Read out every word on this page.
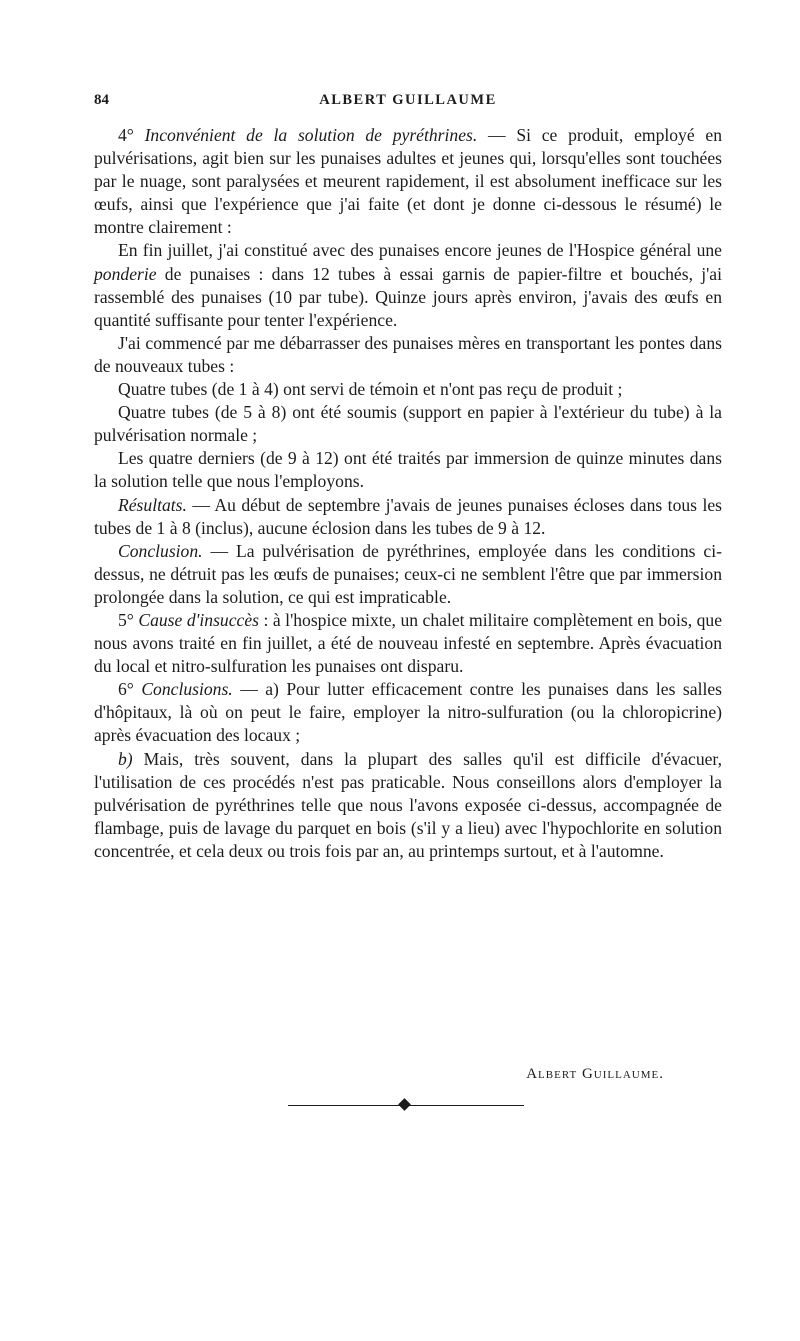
84	ALBERT GUILLAUME

4° Inconvénient de la solution de pyréthrines. — Si ce produit, employé en pulvérisations, agit bien sur les punaises adultes et jeunes qui, lorsqu'elles sont touchées par le nuage, sont paralysées et meurent rapidement, il est absolument inefficace sur les œufs, ainsi que l'expérience que j'ai faite (et dont je donne ci-dessous le résumé) le montre clairement :

En fin juillet, j'ai constitué avec des punaises encore jeunes de l'Hospice général une ponderie de punaises : dans 12 tubes à essai garnis de papier-filtre et bouchés, j'ai rassemblé des punaises (10 par tube). Quinze jours après environ, j'avais des œufs en quantité suffisante pour tenter l'expérience.

J'ai commencé par me débarrasser des punaises mères en transportant les pontes dans de nouveaux tubes :

Quatre tubes (de 1 à 4) ont servi de témoin et n'ont pas reçu de produit ;

Quatre tubes (de 5 à 8) ont été soumis (support en papier à l'extérieur du tube) à la pulvérisation normale ;

Les quatre derniers (de 9 à 12) ont été traités par immersion de quinze minutes dans la solution telle que nous l'employons.

Résultats. — Au début de septembre j'avais de jeunes punaises écloses dans tous les tubes de 1 à 8 (inclus), aucune éclosion dans les tubes de 9 à 12.

Conclusion. — La pulvérisation de pyréthrines, employée dans les conditions ci-dessus, ne détruit pas les œufs de punaises; ceux-ci ne semblent l'être que par immersion prolongée dans la solution, ce qui est impraticable.

5° Cause d'insuccès : à l'hospice mixte, un chalet militaire complètement en bois, que nous avons traité en fin juillet, a été de nouveau infesté en septembre. Après évacuation du local et nitro-sulfuration les punaises ont disparu.

6° Conclusions. — a) Pour lutter efficacement contre les punaises dans les salles d'hôpitaux, là où on peut le faire, employer la nitro-sulfuration (ou la chloropicrine) après évacuation des locaux ;

b) Mais, très souvent, dans la plupart des salles qu'il est difficile d'évacuer, l'utilisation de ces procédés n'est pas praticable. Nous conseillons alors d'employer la pulvérisation de pyréthrines telle que nous l'avons exposée ci-dessus, accompagnée de flambage, puis de lavage du parquet en bois (s'il y a lieu) avec l'hypochlorite en solution concentrée, et cela deux ou trois fois par an, au printemps surtout, et à l'automne.

Albert Guillaume.
